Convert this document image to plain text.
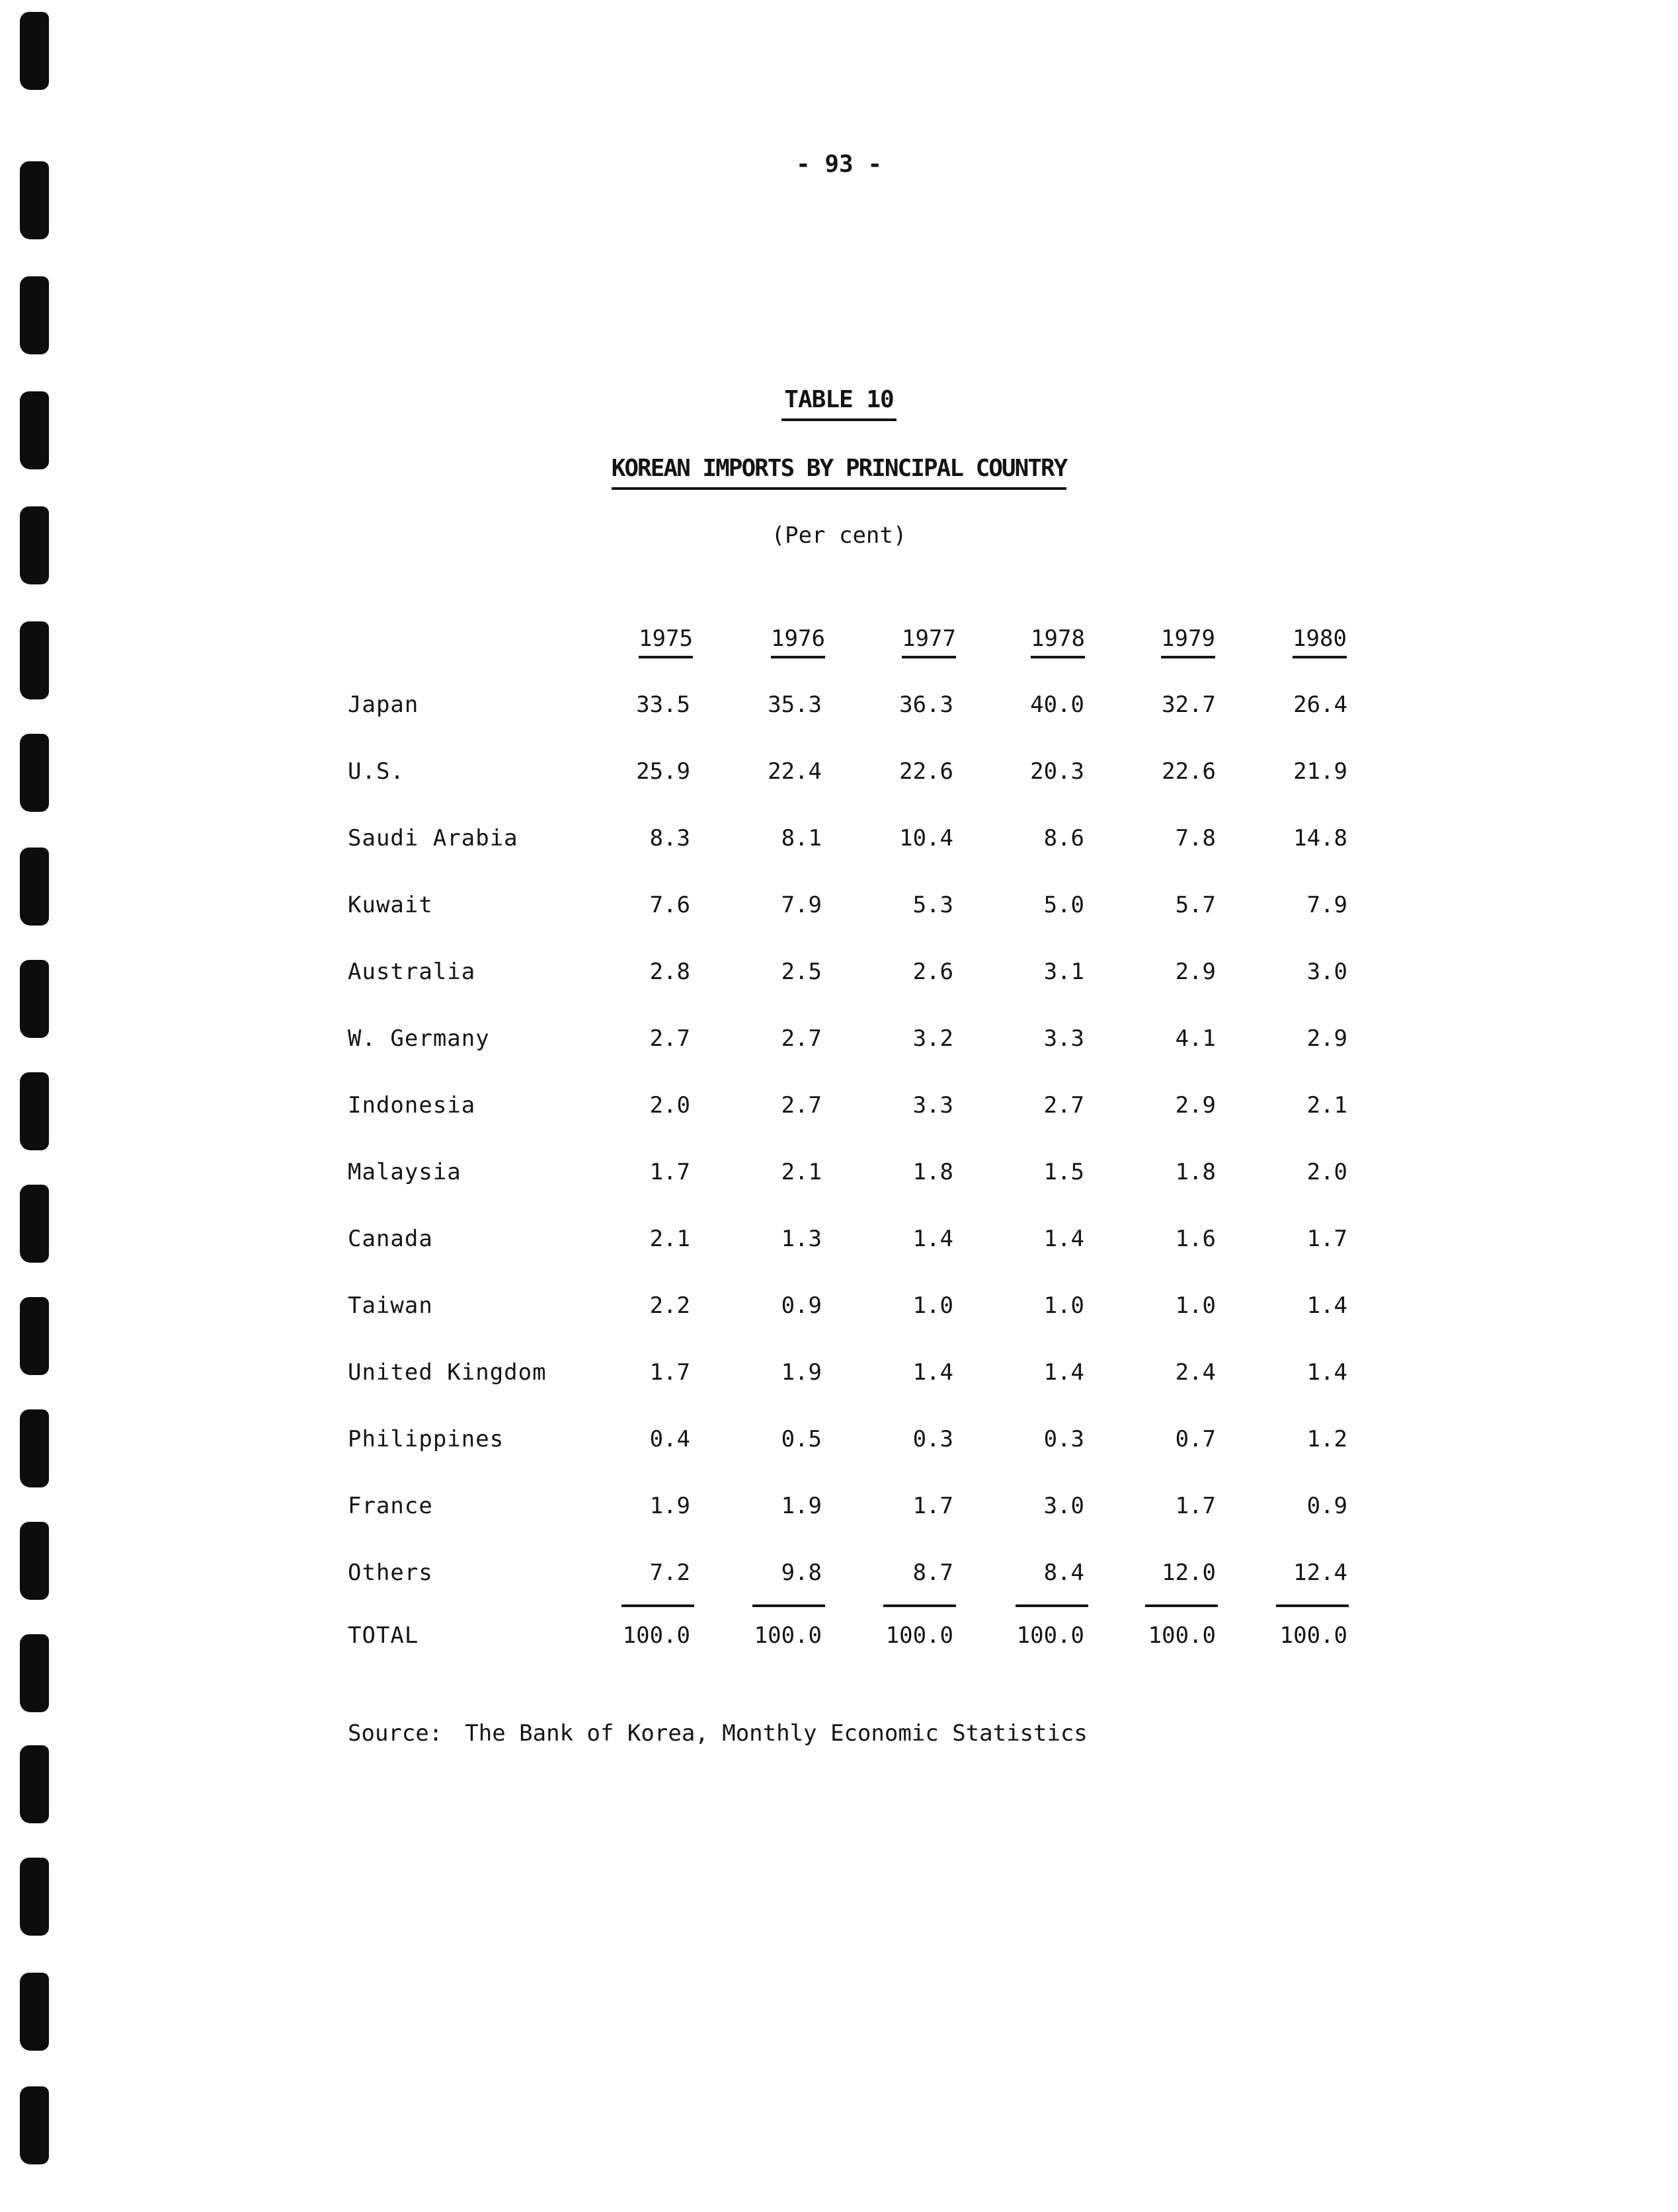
- 93 -
TABLE 10
KOREAN IMPORTS BY PRINCIPAL COUNTRY
(Per cent)
1975	1976	1977	1978	1979	1980
Japan	33.5	35.3	36.3	40.0	32.7	26.4
U.S.	25.9	22.4	22.6	20.3	22.6	21.9
Saudi Arabia	8.3	8.1	10.4	8.6	7.8	14.8
Kuwait	7.6	7.9	5.3	5.0	5.7	7.9
Australia	2.8	2.5	2.6	3.1	2.9	3.0
W. Germany	2.7	2.7	3.2	3.3	4.1	2.9
Indonesia	2.0	2.7	3.3	2.7	2.9	2.1
Malaysia	1.7	2.1	1.8	1.5	1.8	2.0
Canada	2.1	1.3	1.4	1.4	1.6	1.7
Taiwan	2.2	0.9	1.0	1.0	1.0	1.4
United Kingdom	1.7	1.9	1.4	1.4	2.4	1.4
Philippines	0.4	0.5	0.3	0.3	0.7	1.2
France	1.9	1.9	1.7	3.0	1.7	0.9
Others	7.2	9.8	8.7	8.4	12.0	12.4
TOTAL	100.0	100.0	100.0	100.0	100.0	100.0
Source: The Bank of Korea, Monthly Economic Statistics
